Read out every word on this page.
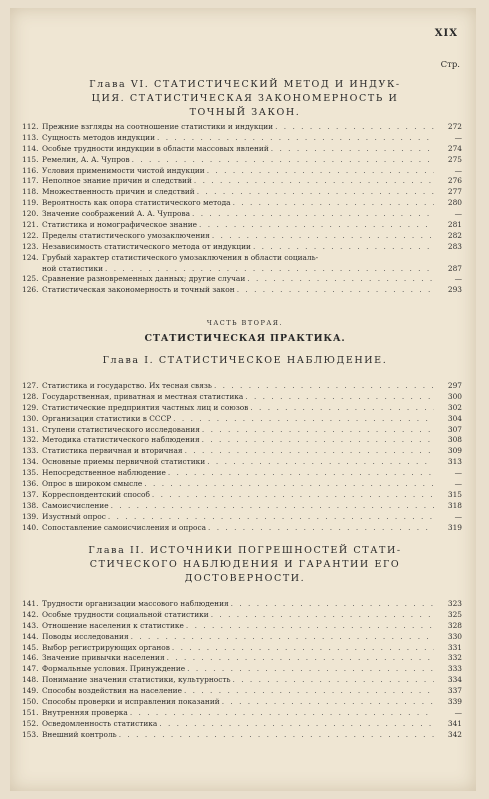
XIX
Стр.
Глава VI. СТАТИСТИЧЕСКИЙ МЕТОД И ИНДУК-
ЦИЯ. СТАТИСТИЧЕСКАЯ ЗАКОНОМЕРНОСТЬ И
ТОЧНЫЙ ЗАКОН.
112. Прежние взгляды на соотношение статистики и индукции . . .	272
113. Сущность методов индукции . . .	—
114. Особые трудности индукции в области массовых явлений . . .	274
115. Ремелин, А. А. Чупров . . .	275
116. Условия применимости чистой индукции . . .	—
117. Неполное знание причин и следствий . . .	276
118. Множественность причин и следствий . . .	277
119. Вероятность как опора статистического метода . . .	280
120. Значение соображений А. А. Чупрова . . .	—
121. Статистика и номографическое знание . . .	281
122. Пределы статистического умозаключения . . .	282
123. Независимость статистического метода от индукции . . .	283
124. Грубый характер статистического умозаключения в области социаль-
ной статистики . . .	287
125. Сравнение разновременных данных; другие случаи . . .	—
126. Статистическая закономерность и точный закон . . .	293
ЧАСТЬ ВТОРАЯ.
СТАТИСТИЧЕСКАЯ ПРАКТИКА.
Глава I. СТАТИСТИЧЕСКОЕ НАБЛЮДЕНИЕ.
127. Статистика и государство. Их тесная связь . . .	297
128. Государственная, приватная и местная статистика . . .	300
129. Статистические предприятия частных лиц и союзов . . .	302
130. Организация статистики в СССР . . .	304
131. Ступени статистического исследования . . .	307
132. Методика статистического наблюдения . . .	308
133. Статистика первичная и вторичная . . .	309
134. Основные приемы первичной статистики . . .	313
135. Непосредственное наблюдение . . .	—
136. Опрос в широком смысле . . .	—
137. Корреспондентский способ . . .	315
138. Самоисчисление . . .	318
139. Изустный опрос . . .	—
140. Сопоставление самоисчисления и опроса . . .	319
Глава II. ИСТОЧНИКИ ПОГРЕШНОСТЕЙ СТАТИ-
СТИЧЕСКОГО НАБЛЮДЕНИЯ И ГАРАНТИИ ЕГО
ДОСТОВЕРНОСТИ.
141. Трудности организации массового наблюдения . . .	323
142. Особые трудности социальной статистики . . .	325
143. Отношение населения к статистике . . .	328
144. Поводы исследования . . .	330
145. Выбор регистрирующих органов . . .	331
146. Значение привычки населения . . .	332
147. Формальные условия. Принуждение . . .	333
148. Понимание значения статистики, культурность . . .	334
149. Способы воздействия на население . . .	337
150. Способы проверки и исправления показаний . . .	339
151. Внутренняя проверка . . .	—
152. Осведомленность статистика . . .	341
153. Внешний контроль . . .	342
